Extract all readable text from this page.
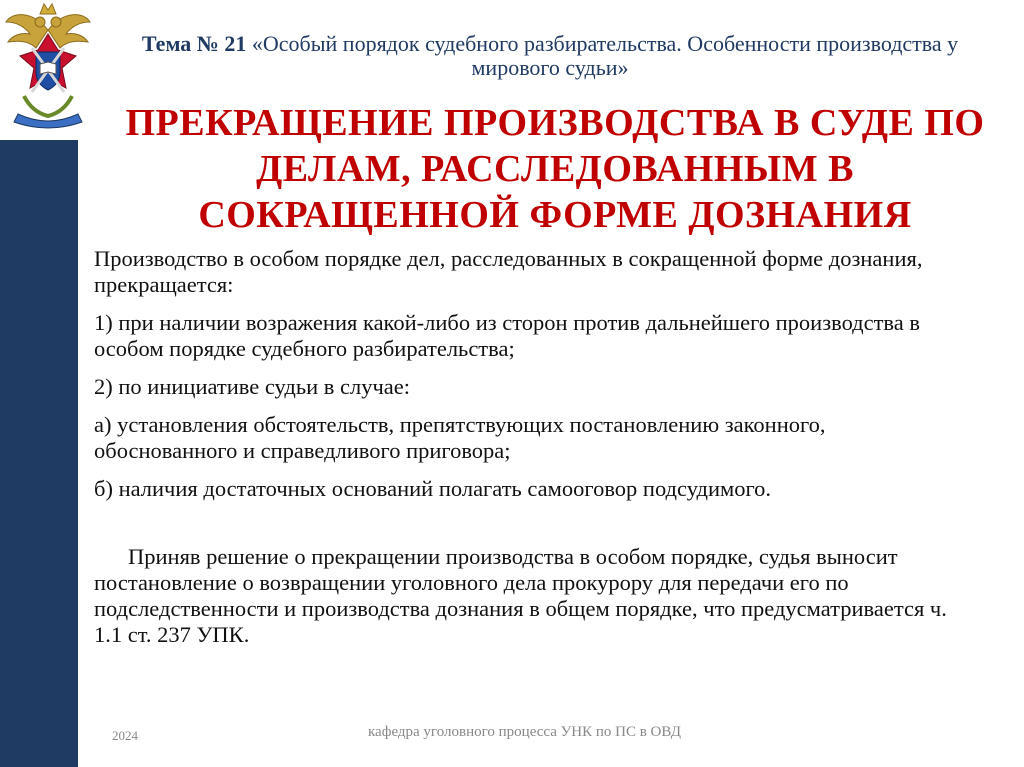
Тема № 21 «Особый порядок судебного разбирательства. Особенности производства у мирового судьи»
ПРЕКРАЩЕНИЕ ПРОИЗВОДСТВА В СУДЕ ПО ДЕЛАМ, РАССЛЕДОВАННЫМ В СОКРАЩЕННОЙ ФОРМЕ ДОЗНАНИЯ

Производство в особом порядке дел, расследованных в сокращенной форме дознания, прекращается:

1) при наличии возражения какой-либо из сторон против дальнейшего производства в особом порядке судебного разбирательства;

2) по инициативе судьи в случае:

а) установления обстоятельств, препятствующих постановлению законного, обоснованного и справедливого приговора;

б) наличия достаточных оснований полагать самооговор подсудимого.

Приняв решение о прекращении производства в особом порядке, судья выносит постановление о возвращении уголовного дела прокурору для передачи его по подследственности и производства дознания в общем порядке, что предусматривается ч. 1.1 ст. 237 УПК.

2024	кафедра уголовного процесса УНК по ПС в ОВД
